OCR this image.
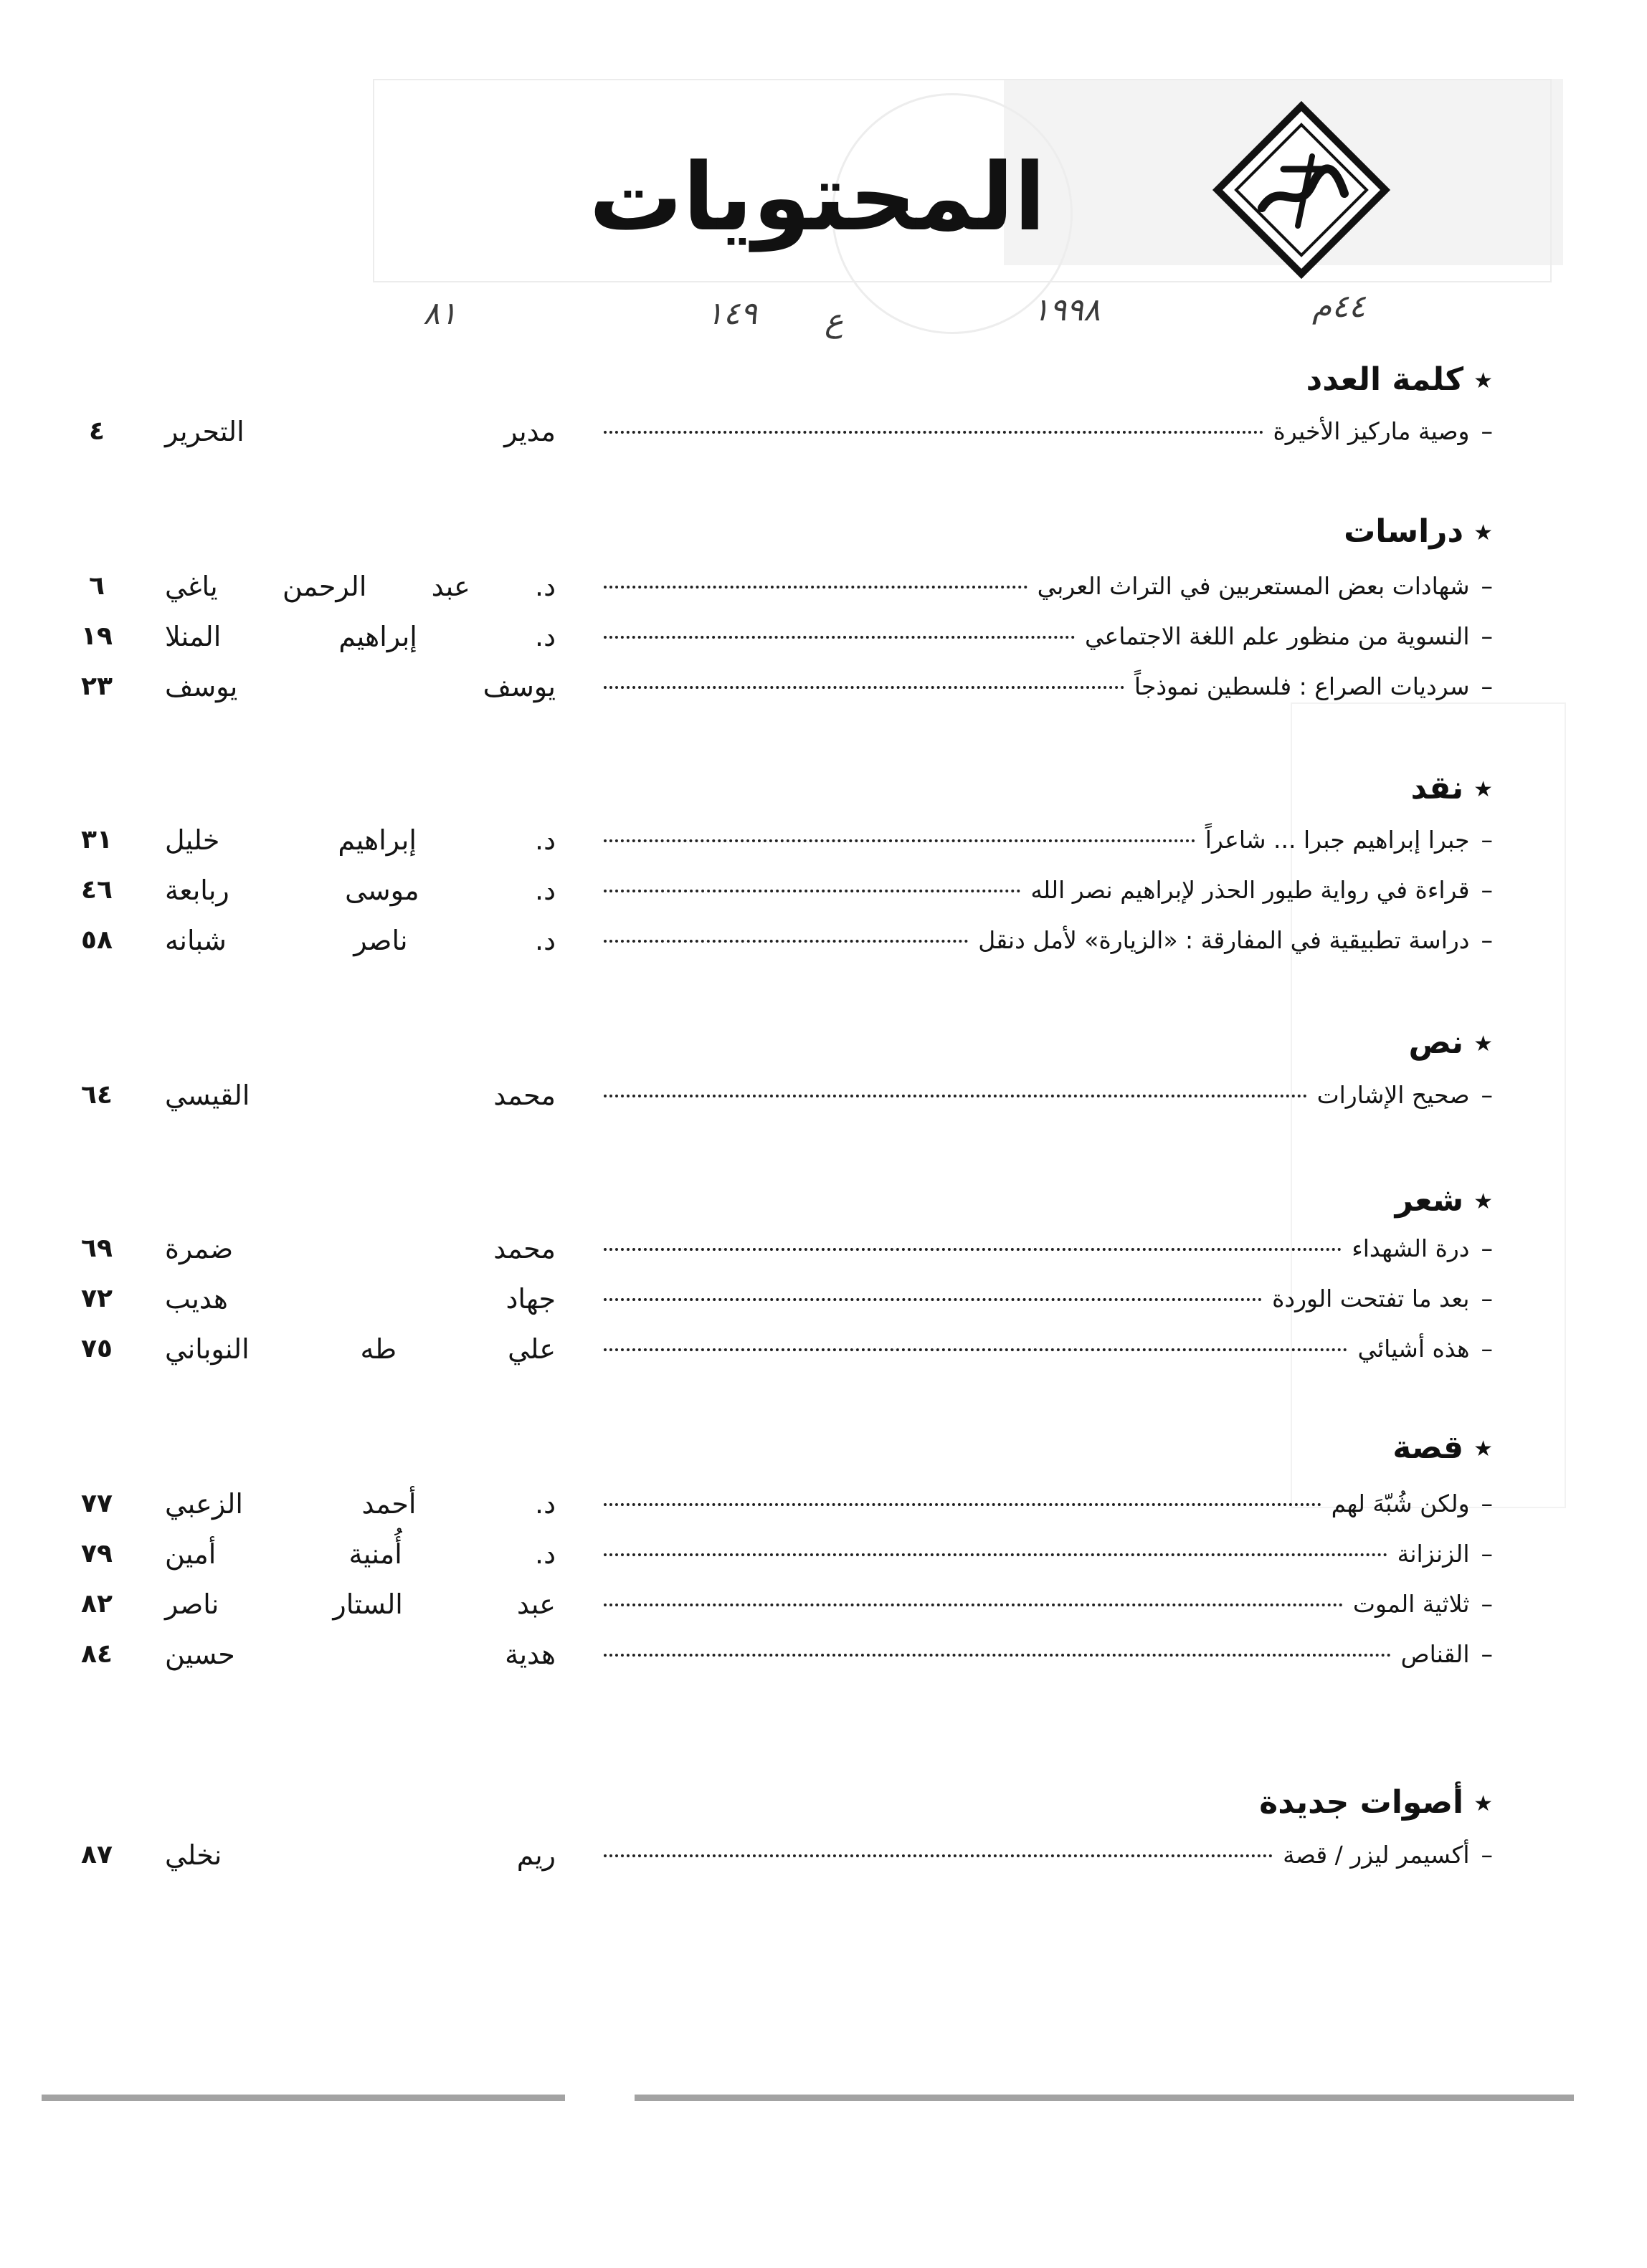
المحتويات
٤٤م
١٩٩٨
ع
١٤٩
٨١
★كلمة العدد
–
وصية ماركيز الأخيرة
مدير التحرير
٤
★دراسات
–
شهادات بعض المستعربين في التراث العربي
د. عبد الرحمن ياغي
٦
–
النسوية من منظور علم اللغة الاجتماعي
د. إبراهيم المنلا
١٩
–
سرديات الصراع : فلسطين نموذجاً
يوسف يوسف
٢٣
★نقد
–
جبرا إبراهيم جبرا ... شاعراً
د. إبراهيم خليل
٣١
–
قراءة في رواية طيور الحذر لإبراهيم نصر الله
د. موسى ربابعة
٤٦
–
دراسة تطبيقية في المفارقة : «الزيارة» لأمل دنقل
د. ناصر شبانه
٥٨
★نص
–
صحيح الإشارات
محمد القيسي
٦٤
★شعر
–
درة الشهداء
محمد ضمرة
٦٩
–
بعد ما تفتحت الوردة
جهاد هديب
٧٢
–
هذه أشيائي
علي طه النوباني
٧٥
★قصة
–
ولكن شُبّهَ لهم
د. أحمد الزعبي
٧٧
–
الزنزانة
د. أُمنية أمين
٧٩
–
ثلاثية الموت
عبد الستار ناصر
٨٢
–
القناص
هدية حسين
٨٤
★أصوات جديدة
–
أكسيمر ليزر / قصة
ريم نخلي
٨٧
